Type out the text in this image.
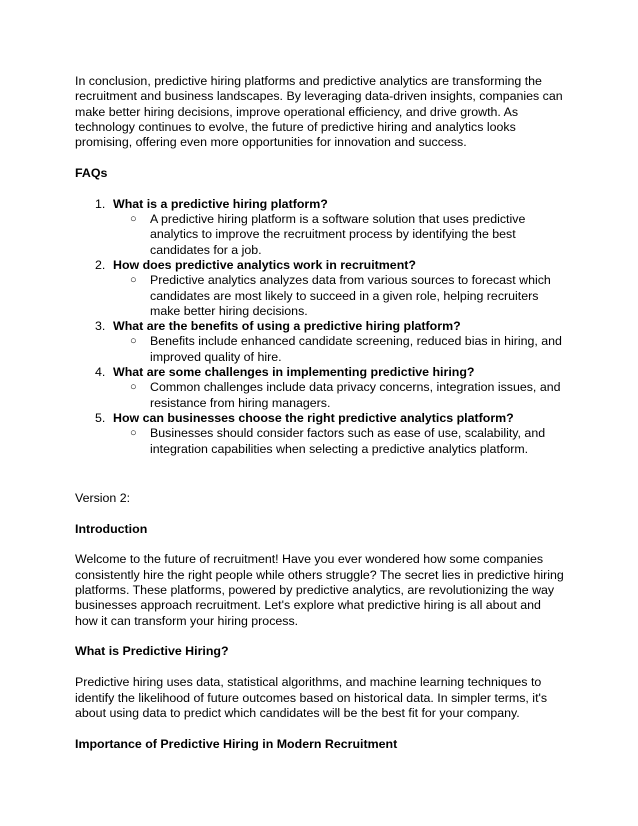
In conclusion, predictive hiring platforms and predictive analytics are transforming the recruitment and business landscapes. By leveraging data-driven insights, companies can make better hiring decisions, improve operational efficiency, and drive growth. As technology continues to evolve, the future of predictive hiring and analytics looks promising, offering even more opportunities for innovation and success.

FAQs

1. What is a predictive hiring platform?
○ A predictive hiring platform is a software solution that uses predictive analytics to improve the recruitment process by identifying the best candidates for a job.
2. How does predictive analytics work in recruitment?
○ Predictive analytics analyzes data from various sources to forecast which candidates are most likely to succeed in a given role, helping recruiters make better hiring decisions.
3. What are the benefits of using a predictive hiring platform?
○ Benefits include enhanced candidate screening, reduced bias in hiring, and improved quality of hire.
4. What are some challenges in implementing predictive hiring?
○ Common challenges include data privacy concerns, integration issues, and resistance from hiring managers.
5. How can businesses choose the right predictive analytics platform?
○ Businesses should consider factors such as ease of use, scalability, and integration capabilities when selecting a predictive analytics platform.

Version 2:

Introduction

Welcome to the future of recruitment! Have you ever wondered how some companies consistently hire the right people while others struggle? The secret lies in predictive hiring platforms. These platforms, powered by predictive analytics, are revolutionizing the way businesses approach recruitment. Let's explore what predictive hiring is all about and how it can transform your hiring process.

What is Predictive Hiring?

Predictive hiring uses data, statistical algorithms, and machine learning techniques to identify the likelihood of future outcomes based on historical data. In simpler terms, it's about using data to predict which candidates will be the best fit for your company.

Importance of Predictive Hiring in Modern Recruitment
